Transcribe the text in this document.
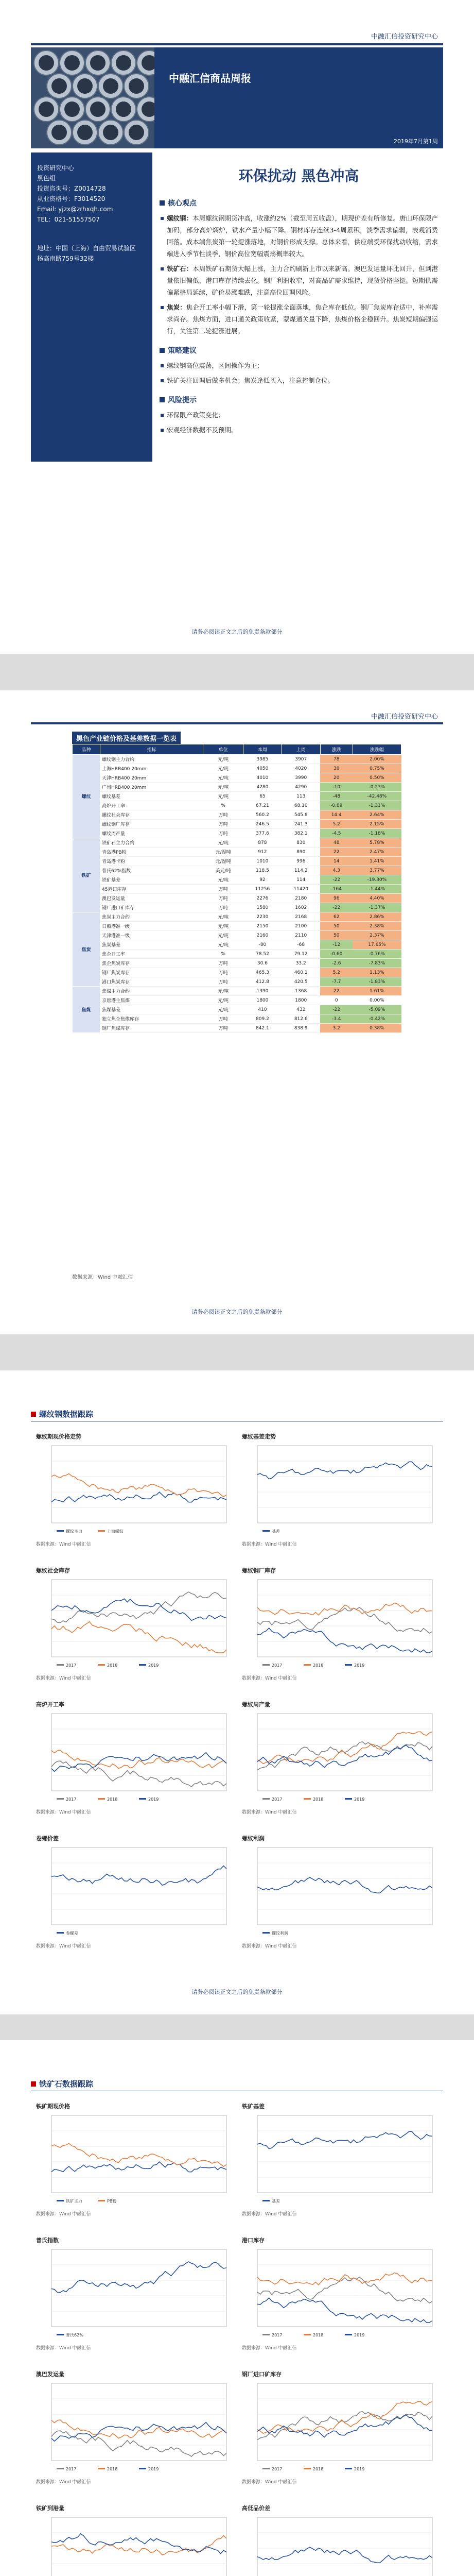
中融汇信投资研究中心
中融汇信商品周报
2019年7月第1周
投资研究中心
黑色组
投资咨询号：Z0014728
从业资格号：F3014520
Email: yjzx@zrhxqh.com
TEL：021-51557507
地址：中国（上海）自由贸易试验区
杨高南路759号32楼
环保扰动 黑色冲高
核心观点
螺纹钢：本周螺纹钢期货冲高，收涨约2%（截至周五收盘），期现价差有所修复。唐山环保限产加码，部分高炉焖炉，铁水产量小幅下降。钢材库存连续3-4周累积，淡季需求偏弱，表观消费回落。成本端焦炭第一轮提涨落地，对钢价形成支撑。总体来看，供应端受环保扰动收缩，需求端进入季节性淡季，钢价高位宽幅震荡概率较大。
铁矿石：本周铁矿石期货大幅上涨，主力合约刷新上市以来新高。澳巴发运量环比回升，但到港量依旧偏低，港口库存持续去化。钢厂利润收窄，对高品矿需求维持，现货价格坚挺。短期供需偏紧格局延续，矿价易涨难跌，注意高位回调风险。
焦炭：焦企开工率小幅下滑，第一轮提涨全面落地，焦企库存低位。钢厂焦炭库存适中，补库需求尚存。焦煤方面，进口通关政策收紧，蒙煤通关量下降，焦煤价格企稳回升。焦炭短期偏强运行，关注第二轮提涨进展。
策略建议
螺纹钢高位震荡，区间操作为主；
铁矿关注回调后做多机会；焦炭逢低买入，注意控制仓位。
风险提示
环保限产政策变化；
宏观经济数据不及预期。
请务必阅读正文之后的免责条款部分
中融汇信投资研究中心
黑色产业链价格及基差数据一览表
品种	指标	单位	本周	上周	涨跌	涨跌幅
螺纹	螺纹钢主力合约	元/吨	3985	3907	78	2.00%
	上海HRB400 20mm	元/吨	4050	4020	30	0.75%
	天津HRB400 20mm	元/吨	4010	3990	20	0.50%
	广州HRB400 20mm	元/吨	4280	4290	-10	-0.23%
	螺纹基差	元/吨	65	113	-48	-42.48%
	高炉开工率	%	67.21	68.10	-0.89	-1.31%
	螺纹社会库存	万吨	560.2	545.8	14.4	2.64%
	螺纹钢厂库存	万吨	246.5	241.3	5.2	2.15%
	螺纹周产量	万吨	377.6	382.1	-4.5	-1.18%
铁矿	铁矿石主力合约	元/吨	878	830	48	5.78%
	青岛港PB粉	元/湿吨	912	890	22	2.47%
	青岛港卡粉	元/湿吨	1010	996	14	1.41%
	普氏62%指数	美元/吨	118.5	114.2	4.3	3.77%
	铁矿基差	元/吨	92	114	-22	-19.30%
	45港口库存	万吨	11256	11420	-164	-1.44%
	澳巴发运量	万吨	2276	2180	96	4.40%
	钢厂进口矿库存	万吨	1580	1602	-22	-1.37%
焦炭	焦炭主力合约	元/吨	2230	2168	62	2.86%
	日照港准一级	元/吨	2150	2100	50	2.38%
	天津港准一级	元/吨	2160	2110	50	2.37%
	焦炭基差	元/吨	-80	-68	-12	17.65%
	焦企开工率	%	78.52	79.12	-0.60	-0.76%
	焦企焦炭库存	万吨	30.6	33.2	-2.6	-7.83%
	钢厂焦炭库存	万吨	465.3	460.1	5.2	1.13%
	港口焦炭库存	万吨	412.8	420.5	-7.7	-1.83%
焦煤	焦煤主力合约	元/吨	1390	1368	22	1.61%
	京唐港主焦煤	元/吨	1800	1800	0	0.00%
	焦煤基差	元/吨	410	432	-22	-5.09%
	独立焦企焦煤库存	万吨	809.2	812.6	-3.4	-0.42%
	钢厂焦煤库存	万吨	842.1	838.9	3.2	0.38%
数据来源：Wind 中融汇信
请务必阅读正文之后的免责条款部分
螺纹钢数据跟踪
螺纹期现价格走势
螺纹主力	上海螺纹
数据来源：Wind 中融汇信
螺纹基差走势
基差
数据来源：Wind 中融汇信
螺纹社会库存
2017	2018	2019
数据来源：Wind 中融汇信
螺纹钢厂库存
2017	2018	2019
数据来源：Wind 中融汇信
高炉开工率
2017	2018	2019
数据来源：Wind 中融汇信
螺纹周产量
2017	2018	2019
数据来源：Wind 中融汇信
卷螺价差
卷螺差
数据来源：Wind 中融汇信
螺纹利润
螺纹利润
数据来源：Wind 中融汇信
请务必阅读正文之后的免责条款部分
铁矿石数据跟踪
铁矿期现价格
铁矿主力	PB粉
数据来源：Wind 中融汇信
铁矿基差
基差
数据来源：Wind 中融汇信
普氏指数
普氏62%
数据来源：Wind 中融汇信
港口库存
2017	2018	2019
数据来源：Wind 中融汇信
澳巴发运量
2017	2018	2019
数据来源：Wind 中融汇信
钢厂进口矿库存
2017	2018	2019
数据来源：Wind 中融汇信
铁矿到港量	高低品价差
